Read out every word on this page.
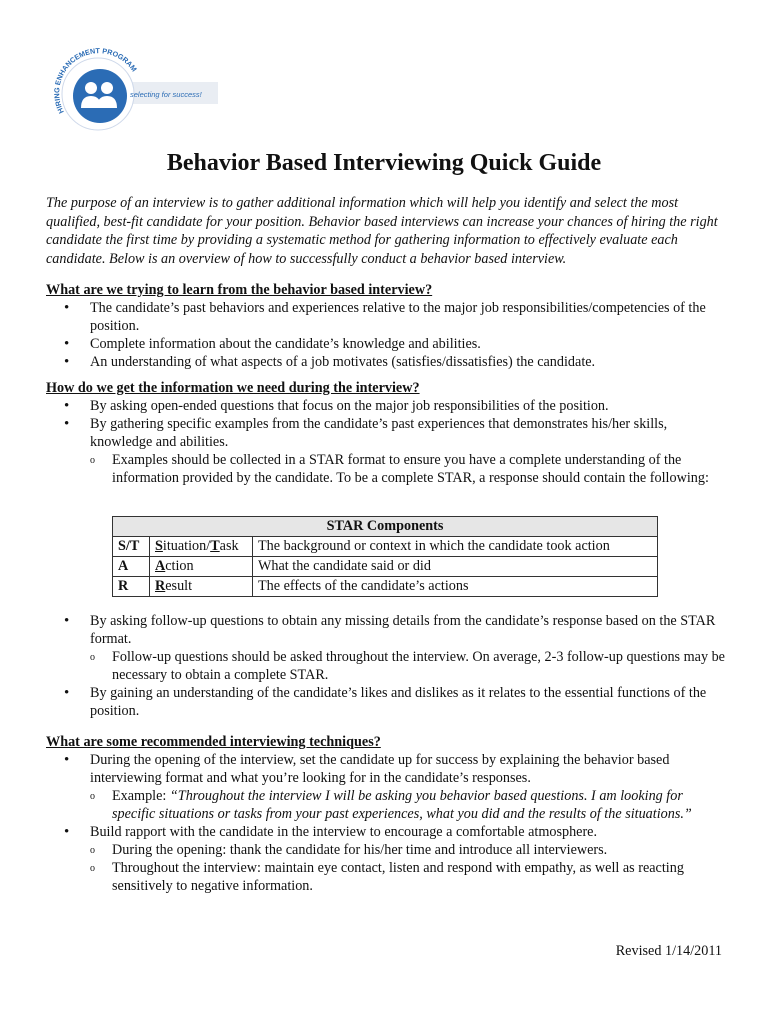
HIRING ENHANCEMENT PROGRAM
selecting for success!
Behavior Based Interviewing Quick Guide

The purpose of an interview is to gather additional information which will help you identify and select the most qualified, best-fit candidate for your position. Behavior based interviews can increase your chances of hiring the right candidate the first time by providing a systematic method for gathering information to effectively evaluate each candidate. Below is an overview of how to successfully conduct a behavior based interview.

What are we trying to learn from the behavior based interview?
• The candidate’s past behaviors and experiences relative to the major job responsibilities/competencies of the position.
• Complete information about the candidate’s knowledge and abilities.
• An understanding of what aspects of a job motivates (satisfies/dissatisfies) the candidate.
How do we get the information we need during the interview?
• By asking open-ended questions that focus on the major job responsibilities of the position.
• By gathering specific examples from the candidate’s past experiences that demonstrates his/her skills, knowledge and abilities.
o Examples should be collected in a STAR format to ensure you have a complete understanding of the information provided by the candidate. To be a complete STAR, a response should contain the following:
STAR Components		
S/T	Situation/Task	The background or context in which the candidate took action
A	Action	What the candidate said or did
R	Result	The effects of the candidate’s actions
• By asking follow-up questions to obtain any missing details from the candidate’s response based on the STAR format.
o Follow-up questions should be asked throughout the interview. On average, 2-3 follow-up questions may be necessary to obtain a complete STAR.
• By gaining an understanding of the candidate’s likes and dislikes as it relates to the essential functions of the position.
What are some recommended interviewing techniques?
• During the opening of the interview, set the candidate up for success by explaining the behavior based interviewing format and what you’re looking for in the candidate’s responses.
o Example: “Throughout the interview I will be asking you behavior based questions. I am looking for specific situations or tasks from your past experiences, what you did and the results of the situations.”
• Build rapport with the candidate in the interview to encourage a comfortable atmosphere.
o During the opening: thank the candidate for his/her time and introduce all interviewers.
o Throughout the interview: maintain eye contact, listen and respond with empathy, as well as reacting sensitively to negative information.
Revised 1/14/2011
